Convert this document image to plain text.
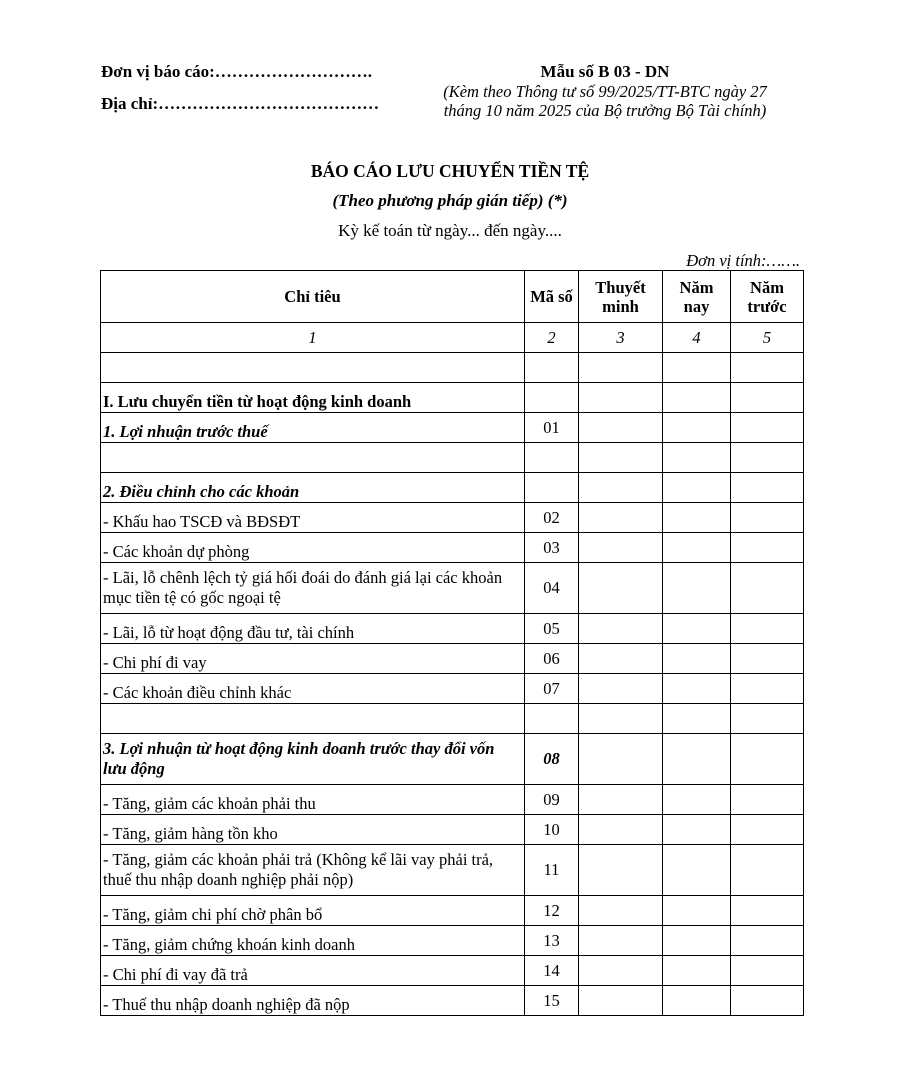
Đơn vị báo cáo:……………………….
Địa chỉ:…………………………………
Mẫu số B 03 - DN
(Kèm theo Thông tư số 99/2025/TT-BTC ngày 27
tháng 10 năm 2025 của Bộ trưởng Bộ Tài chính)
BÁO CÁO LƯU CHUYỂN TIỀN TỆ
(Theo phương pháp gián tiếp) (*)
Kỳ kế toán từ ngày... đến ngày....
Đơn vị tính:…….
Chỉ tiêu	Mã số	Thuyết minh	Năm nay	Năm trước
1	2	3	4	5

I. Lưu chuyển tiền từ hoạt động kinh doanh				
1. Lợi nhuận trước thuế	01			

2. Điều chỉnh cho các khoản				
- Khấu hao TSCĐ và BĐSĐT	02			
- Các khoản dự phòng	03			
- Lãi, lỗ chênh lệch tỷ giá hối đoái do đánh giá lại các khoản mục tiền tệ có gốc ngoại tệ	04			
- Lãi, lỗ từ hoạt động đầu tư, tài chính	05			
- Chi phí đi vay	06			
- Các khoản điều chỉnh khác	07			

3. Lợi nhuận từ hoạt động kinh doanh trước thay đổi vốn lưu động	08			
- Tăng, giảm các khoản phải thu	09			
- Tăng, giảm hàng tồn kho	10			
- Tăng, giảm các khoản phải trả (Không kể lãi vay phải trả, thuế thu nhập doanh nghiệp phải nộp)	11			
- Tăng, giảm chi phí chờ phân bổ	12			
- Tăng, giảm chứng khoán kinh doanh	13			
- Chi phí đi vay đã trả	14			
- Thuế thu nhập doanh nghiệp đã nộp	15			
